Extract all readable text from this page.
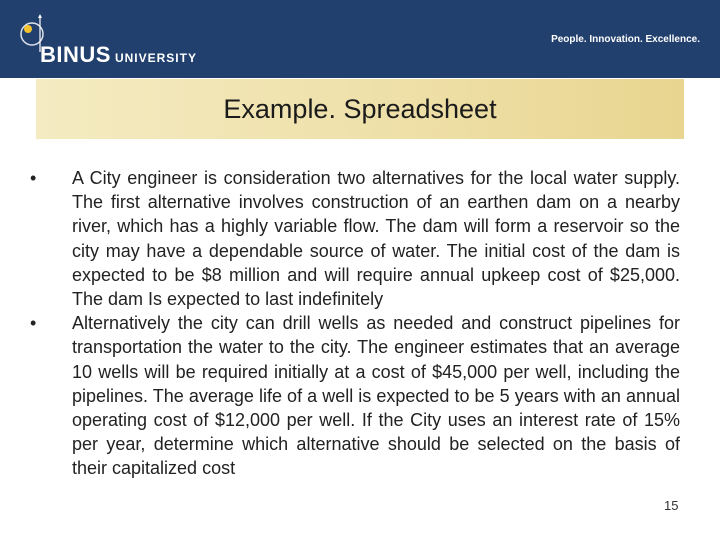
BINUS UNIVERSITY
People. Innovation. Excellence.
Example. Spreadsheet
•	A City engineer is consideration two alternatives for the local water supply. The first alternative involves construction of an earthen dam on a nearby river, which has a highly variable flow. The dam will form a reservoir so the city may have a dependable source of water. The initial cost of the dam is expected to be $8 million and will require annual upkeep cost of $25,000. The dam Is expected to last indefinitely
•	Alternatively the city can drill wells as needed and construct pipelines for transportation the water to the city. The engineer estimates that an average 10 wells will be required initially at a cost of $45,000 per well, including the pipelines. The average life of a well is expected to be 5 years with an annual operating cost of $12,000 per well. If the City uses an interest rate of 15% per year, determine which alternative should be selected on the basis of their capitalized cost
15
